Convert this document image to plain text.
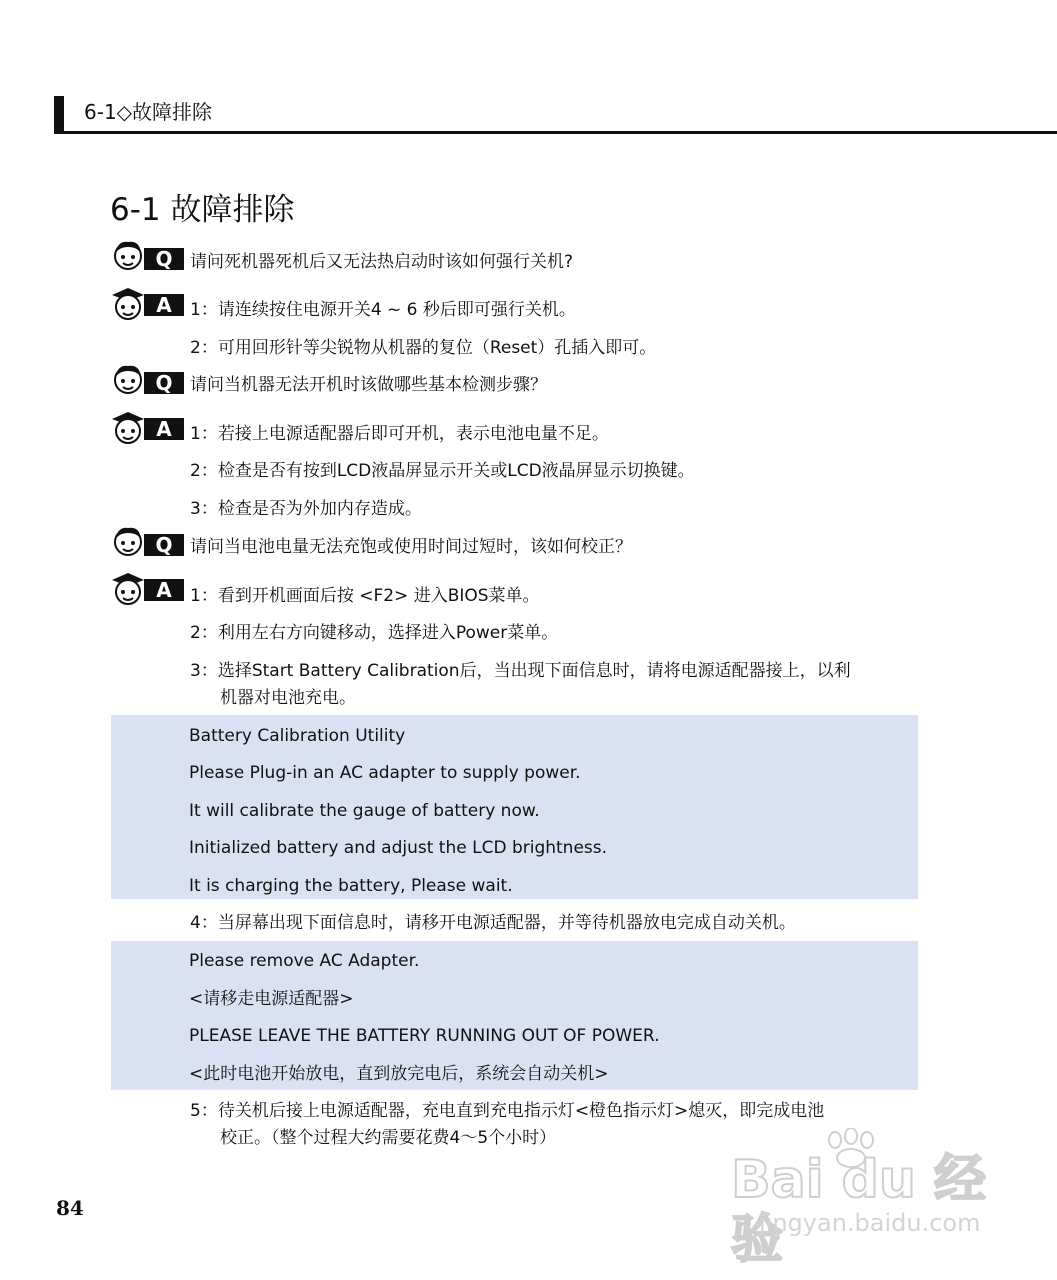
6-1◇故障排除
6-1 故障排除
Q 请问死机器死机后又无法热启动时该如何强行关机?
A 1：请连续按住电源开关4 ~ 6 秒后即可强行关机。
2：可用回形针等尖锐物从机器的复位（Reset）孔插入即可。
Q 请问当机器无法开机时该做哪些基本检测步骤？
A 1：若接上电源适配器后即可开机，表示电池电量不足。
2：检查是否有按到LCD液晶屏显示开关或LCD液晶屏显示切换键。
3：检查是否为外加内存造成。
Q 请问当电池电量无法充饱或使用时间过短时，该如何校正？
A 1：看到开机画面后按 <F2> 进入BIOS菜单。
2：利用左右方向键移动，选择进入Power菜单。
3：选择Start Battery Calibration后，当出现下面信息时，请将电源适配器接上，以利
机器对电池充电。
Battery Calibration Utility
Please Plug-in an AC adapter to supply power.
It will calibrate the gauge of battery now.
Initialized battery and adjust the LCD brightness.
It is charging the battery, Please wait.
4：当屏幕出现下面信息时，请移开电源适配器，并等待机器放电完成自动关机。
Please remove AC Adapter.
<请移走电源适配器>
PLEASE LEAVE THE BATTERY RUNNING OUT OF POWER.
<此时电池开始放电，直到放完电后，系统会自动关机>
5：待关机后接上电源适配器，充电直到充电指示灯<橙色指示灯>熄灭，即完成电池
校正。（整个过程大约需要花费4～5个小时）
84	Bai du 经验
jingyan.baidu.com
